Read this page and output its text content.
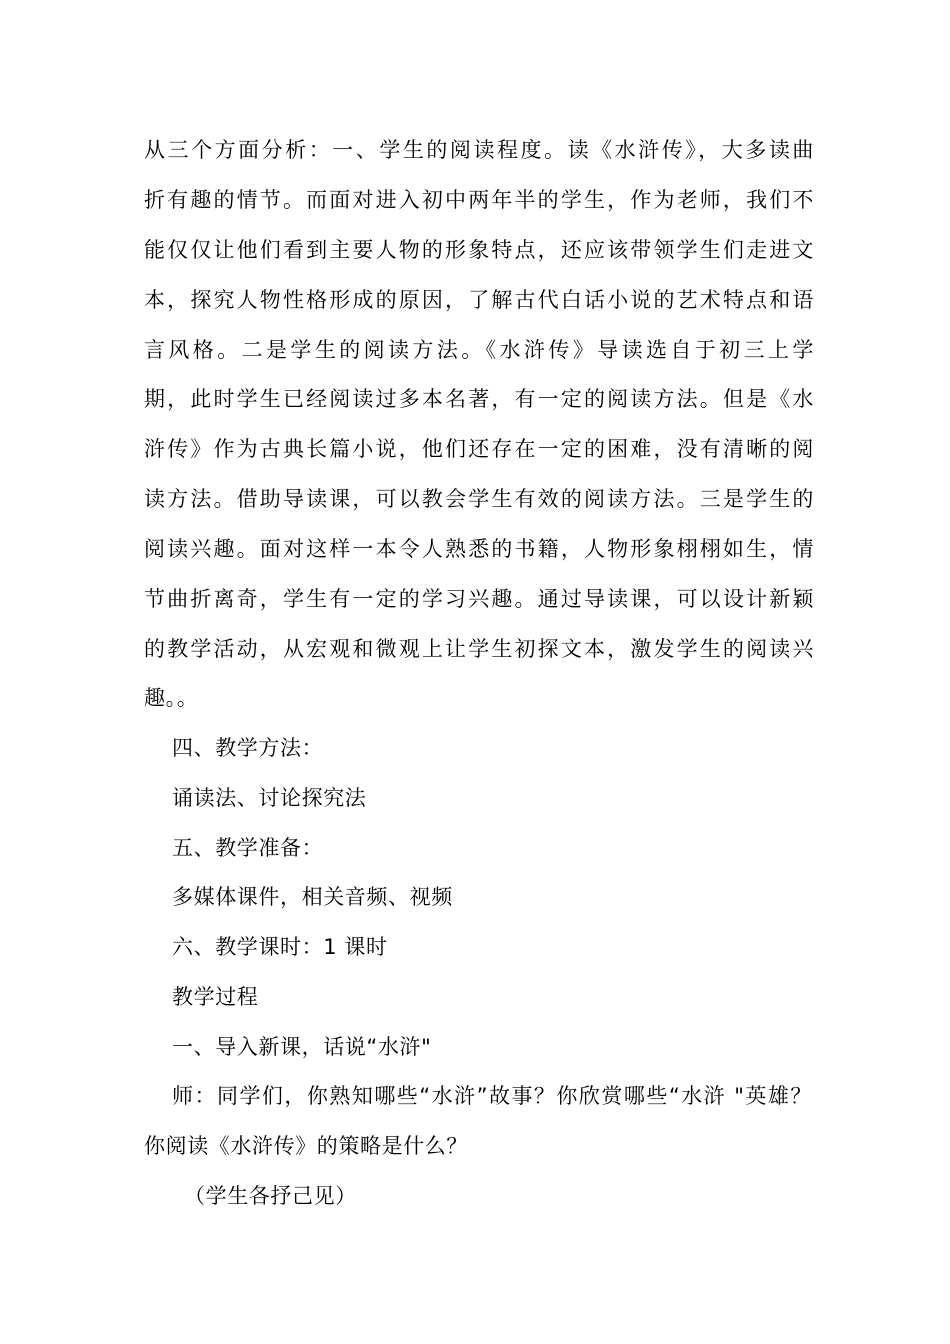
从三个方面分析：一、学生的阅读程度。读《水浒传》，大多读曲
折有趣的情节。而面对进入初中两年半的学生，作为老师，我们不
能仅仅让他们看到主要人物的形象特点，还应该带领学生们走进文
本，探究人物性格形成的原因，了解古代白话小说的艺术特点和语
言风格。二是学生的阅读方法。《水浒传》导读选自于初三上学
期，此时学生已经阅读过多本名著，有一定的阅读方法。但是《水
浒传》作为古典长篇小说，他们还存在一定的困难，没有清晰的阅
读方法。借助导读课，可以教会学生有效的阅读方法。三是学生的
阅读兴趣。面对这样一本令人熟悉的书籍，人物形象栩栩如生，情
节曲折离奇，学生有一定的学习兴趣。通过导读课，可以设计新颖
的教学活动，从宏观和微观上让学生初探文本，激发学生的阅读兴
趣。。
四、教学方法：
诵读法、讨论探究法
五、教学准备：
多媒体课件，相关音频、视频
六、教学课时：1 课时
教学过程
一、导入新课，话说“水浒"
师：同学们，你熟知哪些“水浒”故事？你欣赏哪些“水浒 "英雄？
你阅读《水浒传》的策略是什么？
（学生各抒己见）
